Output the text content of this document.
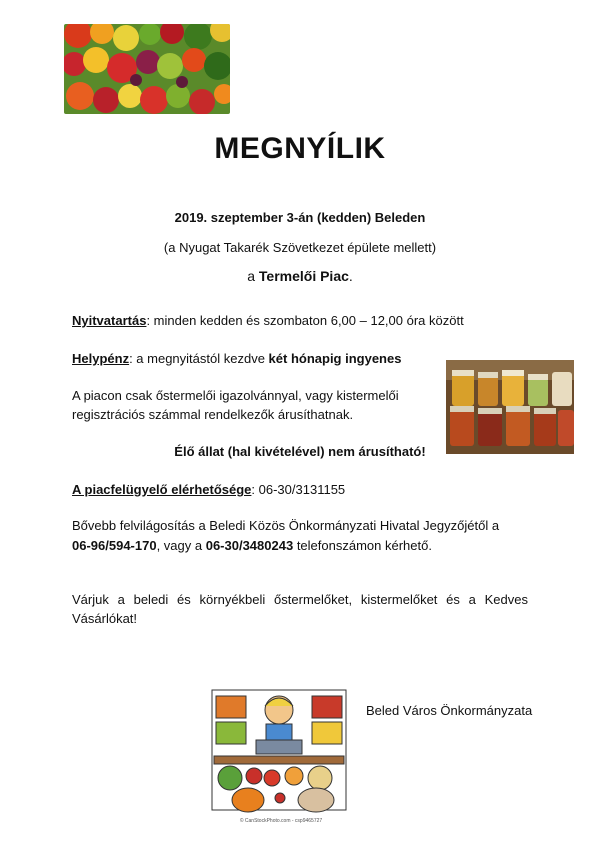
MEGNYÍLIK
2019. szeptember 3-án (kedden) Beleden
(a Nyugat Takarék Szövetkezet épülete mellett)
a Termelői Piac.
Nyitvatartás: minden kedden és szombaton 6,00 – 12,00 óra között
Helypénz: a megnyitástól kezdve két hónapig ingyenes
A piacon csak őstermelői igazolvánnyal, vagy kistermelői
regisztrációs számmal rendelkezők árusíthatnak.
Élő állat (hal kivételével) nem árusítható!
A piacfelügyelő elérhetősége: 06-30/3131155
Bővebb felvilágosítás a Beledi Közös Önkormányzati Hivatal Jegyzőjétől a
06-96/594-170, vagy a 06-30/3480243 telefonszámon kérhető.
Várjuk a beledi és környékbeli őstermelőket, kistermelőket és a Kedves Vásárlókat!
© CanStockPhoto.com - csp9465727
Beled Város Önkormányzata
